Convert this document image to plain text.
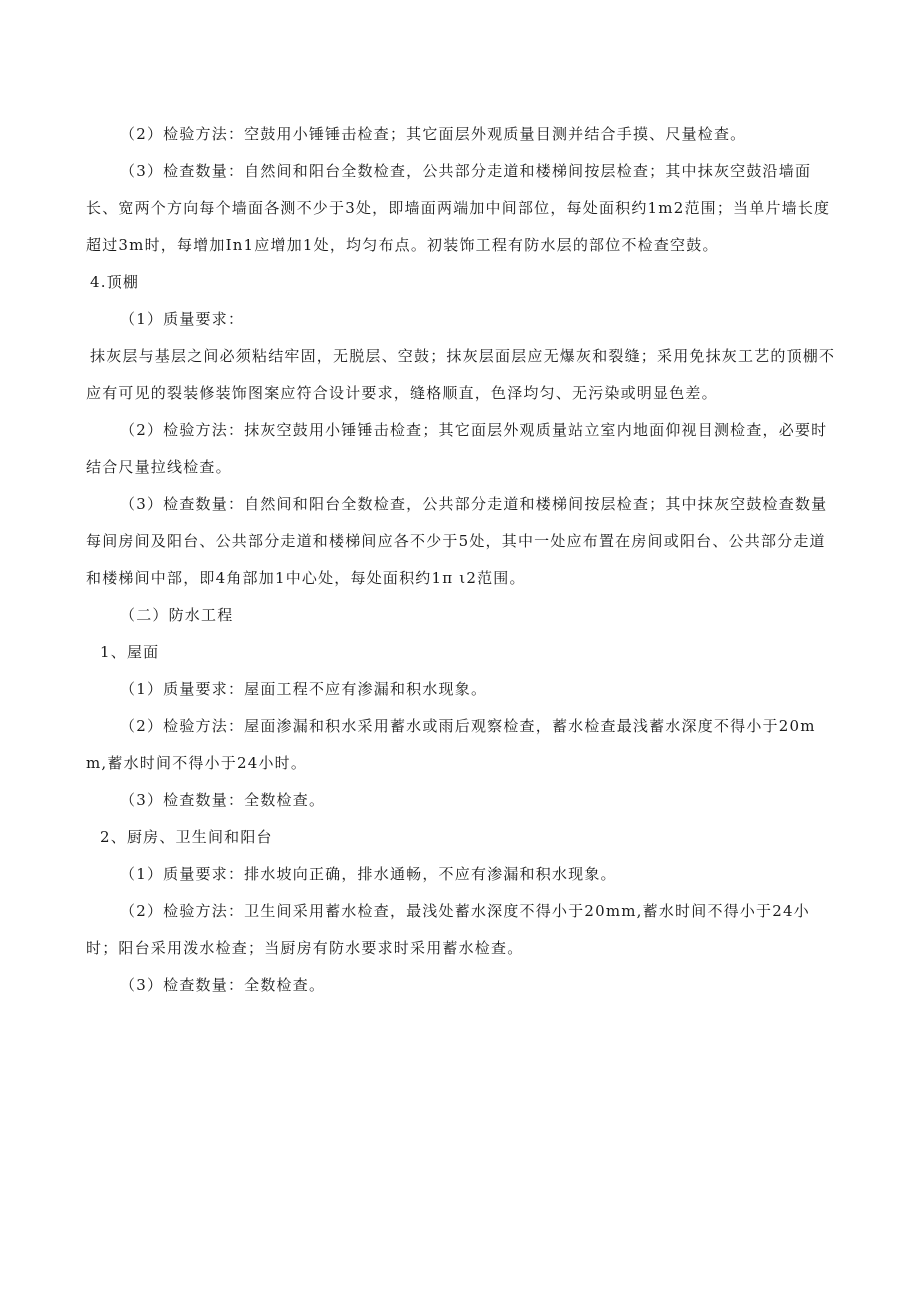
（2）检验方法：空鼓用小锤锤击检查；其它面层外观质量目测并结合手摸、尺量检查。

（3）检查数量：自然间和阳台全数检查，公共部分走道和楼梯间按层检查；其中抹灰空鼓沿墙面长、宽两个方向每个墙面各测不少于3处，即墙面两端加中间部位，每处面积约1m2范围；当单片墙长度超过3m时，每增加In1应增加1处，均匀布点。初装饰工程有防水层的部位不检查空鼓。

4.顶棚

（1）质量要求：

抹灰层与基层之间必须粘结牢固，无脱层、空鼓；抹灰层面层应无爆灰和裂缝；采用免抹灰工艺的顶棚不应有可见的裂装修装饰图案应符合设计要求，缝格顺直，色泽均匀、无污染或明显色差。

（2）检验方法：抹灰空鼓用小锤锤击检查；其它面层外观质量站立室内地面仰视目测检查，必要时结合尺量拉线检查。

（3）检查数量：自然间和阳台全数检查，公共部分走道和楼梯间按层检查；其中抹灰空鼓检查数量每间房间及阳台、公共部分走道和楼梯间应各不少于5处，其中一处应布置在房间或阳台、公共部分走道和楼梯间中部，即4角部加1中心处，每处面积约1π ι2范围。

（二）防水工程

1、屋面

（1）质量要求：屋面工程不应有渗漏和积水现象。

（2）检验方法：屋面渗漏和积水采用蓄水或雨后观察检查，蓄水检查最浅蓄水深度不得小于20mm,蓄水时间不得小于24小时。

（3）检查数量：全数检查。

2、厨房、卫生间和阳台

（1）质量要求：排水坡向正确，排水通畅，不应有渗漏和积水现象。

（2）检验方法：卫生间采用蓄水检查，最浅处蓄水深度不得小于20mm,蓄水时间不得小于24小时；阳台采用泼水检查；当厨房有防水要求时采用蓄水检查。

（3）检查数量：全数检查。
